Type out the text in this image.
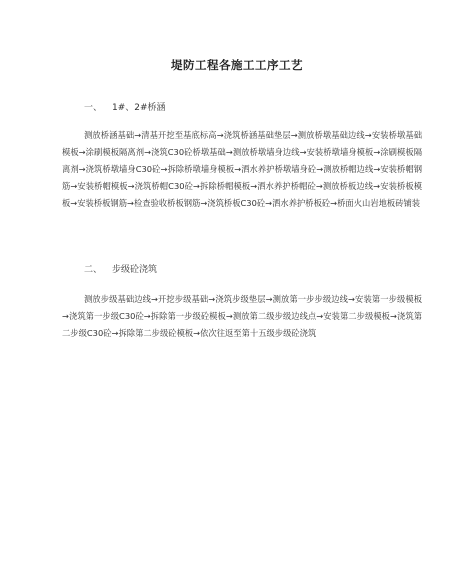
堤防工程各施工工序工艺
一、 1#、2#桥涵

测放桥涵基础→清基开挖至基底标高→浇筑桥涵基础垫层→测放桥墩基础边线→安装桥墩基础模板→涂刷模板隔离剂→浇筑C30砼桥墩基础→测放桥墩墙身边线→安装桥墩墙身模板→涂刷模板隔离剂→浇筑桥墩墙身C30砼→拆除桥墩墙身模板→洒水养护桥墩墙身砼→测放桥帽边线→安装桥帽钢筋→安装桥帽模板→浇筑桥帽C30砼→拆除桥帽模板→洒水养护桥帽砼→测放桥板边线→安装桥板模板→安装桥板钢筋→检查验收桥板钢筋→浇筑桥板C30砼→洒水养护桥板砼→桥面火山岩地板砖铺装

二、 步级砼浇筑

测放步级基础边线→开挖步级基础→浇筑步级垫层→测放第一步步级边线→安装第一步级模板→浇筑第一步级C30砼→拆除第一步级砼模板→测放第二级步级边线点→安装第二步级模板→浇筑第二步级C30砼→拆除第二步级砼模板→依次往返至第十五级步级砼浇筑
